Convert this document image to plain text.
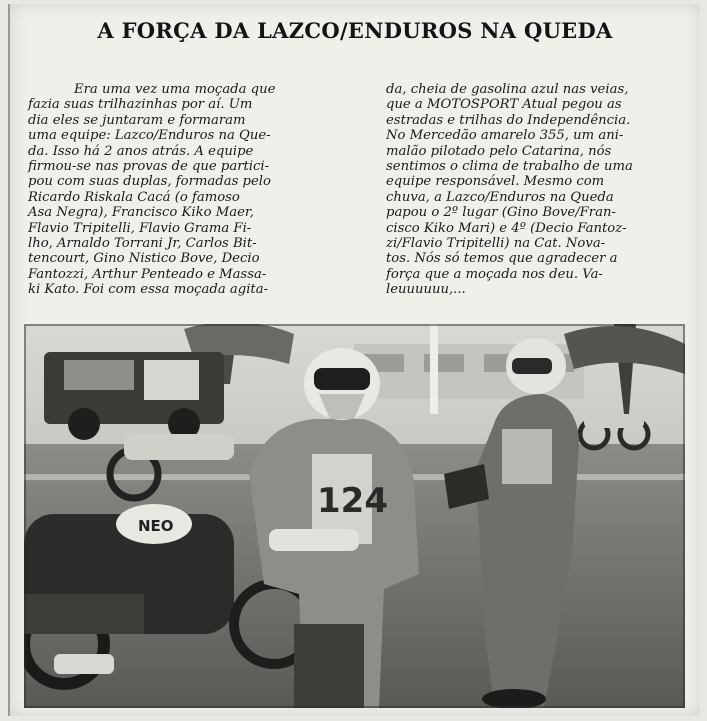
A FORÇA DA LAZCO/ENDUROS NA QUEDA

Era uma vez uma moçada que

fazia suas trilhazinhas por aí. Um

dia eles se juntaram e formaram

uma equipe: Lazco/Enduros na Que-

da. Isso há 2 anos atrás. A equipe

firmou-se nas provas de que partici-

pou com suas duplas, formadas pelo

Ricardo Riskala Cacá (o famoso

Asa Negra), Francisco Kiko Maer,

Flavio Tripitelli, Flavio Grama Fi-

lho, Arnaldo Torrani Jr, Carlos Bit-

tencourt, Gino Nistico Bove, Decio

Fantozzi, Arthur Penteado e Massa-

ki Kato. Foi com essa moçada agita-

da, cheia de gasolina azul nas veias,

que a MOTOSPORT Atual pegou as

estradas e trilhas do Independência.

No Mercedão amarelo 355, um ani-

malão pilotado pelo Catarina, nós

sentimos o clima de trabalho de uma

equipe responsável. Mesmo com

chuva, a Lazco/Enduros na Queda

papou o 2º lugar (Gino Bove/Fran-

cisco Kiko Mari) e 4º (Decio Fantoz-

zi/Flavio Tripitelli) na Cat. Nova-

tos. Nós só temos que agradecer a

força que a moçada nos deu. Va-

leuuuuuu,...

NEO
124
